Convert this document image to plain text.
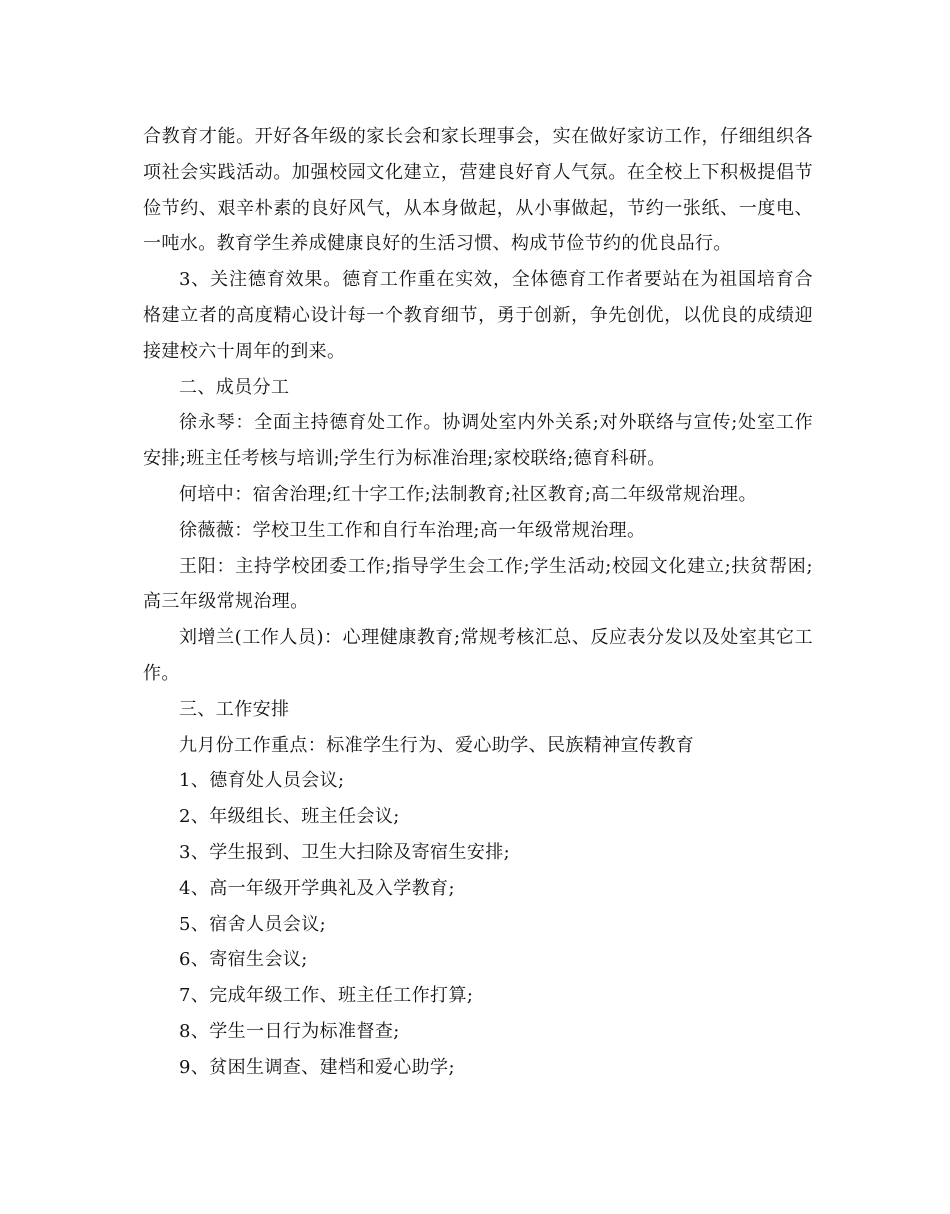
合教育才能。开好各年级的家长会和家长理事会，实在做好家访工作，仔细组织各项社会实践活动。加强校园文化建立，营建良好育人气氛。在全校上下积极提倡节俭节约、艰辛朴素的良好风气，从本身做起，从小事做起，节约一张纸、一度电、一吨水。教育学生养成健康良好的生活习惯、构成节俭节约的优良品行。

3、关注德育效果。德育工作重在实效，全体德育工作者要站在为祖国培育合格建立者的高度精心设计每一个教育细节，勇于创新，争先创优，以优良的成绩迎接建校六十周年的到来。

二、成员分工

徐永琴：全面主持德育处工作。协调处室内外关系;对外联络与宣传;处室工作安排;班主任考核与培训;学生行为标准治理;家校联络;德育科研。

何培中：宿舍治理;红十字工作;法制教育;社区教育;高二年级常规治理。

徐薇薇：学校卫生工作和自行车治理;高一年级常规治理。

王阳：主持学校团委工作;指导学生会工作;学生活动;校园文化建立;扶贫帮困;高三年级常规治理。

刘增兰(工作人员)：心理健康教育;常规考核汇总、反应表分发以及处室其它工作。

三、工作安排

九月份工作重点：标准学生行为、爱心助学、民族精神宣传教育

1、德育处人员会议;

2、年级组长、班主任会议;

3、学生报到、卫生大扫除及寄宿生安排;

4、高一年级开学典礼及入学教育;

5、宿舍人员会议;

6、寄宿生会议;

7、完成年级工作、班主任工作打算;

8、学生一日行为标准督查;

9、贫困生调查、建档和爱心助学;
